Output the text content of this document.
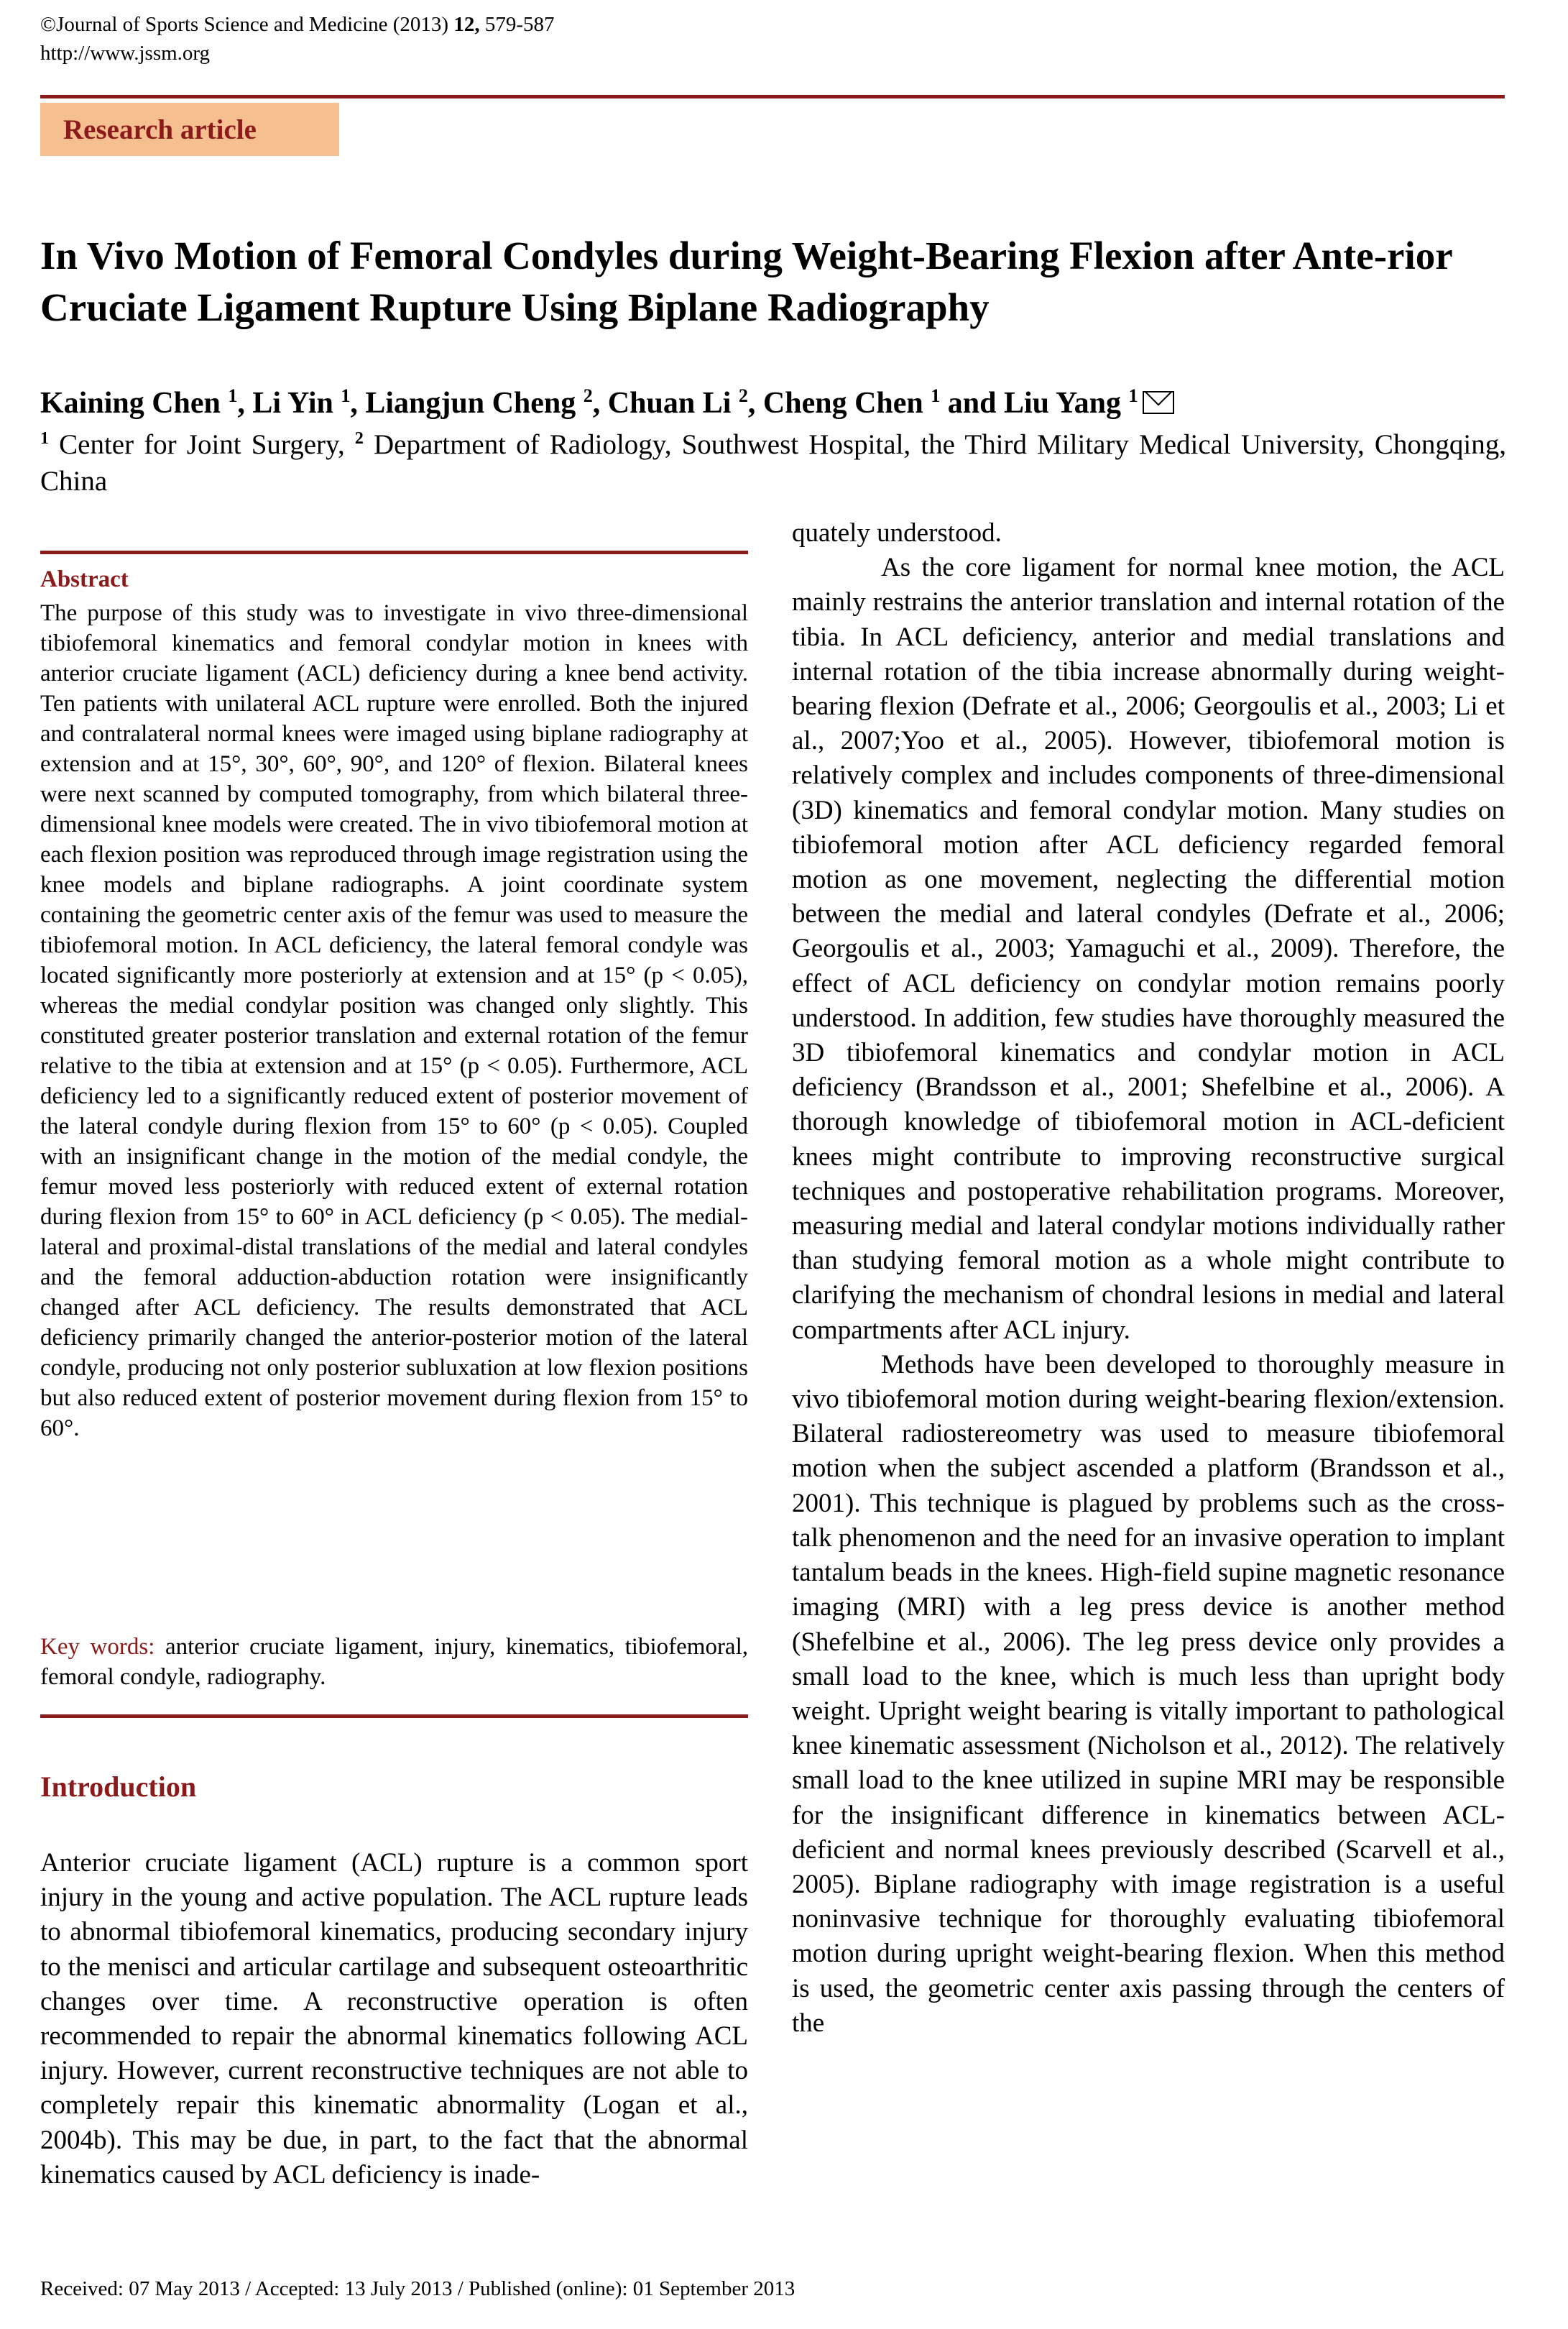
©Journal of Sports Science and Medicine (2013) 12, 579-587
http://www.jssm.org
Research article
In Vivo Motion of Femoral Condyles during Weight-Bearing Flexion after Ante-rior Cruciate Ligament Rupture Using Biplane Radiography
Kaining Chen $^1$, Li Yin $^1$, Liangjun Cheng $^2$, Chuan Li $^2$, Cheng Chen $^1$ and Liu Yang $^1$
$^1$ Center for Joint Surgery, $^2$ Department of Radiology, Southwest Hospital, the Third Military Medical University, Chongqing, China
Abstract
The purpose of this study was to investigate in vivo three-dimensional tibiofemoral kinematics and femoral condylar motion in knees with anterior cruciate ligament (ACL) deficiency during a knee bend activity. Ten patients with unilateral ACL rupture were enrolled. Both the injured and contralateral normal knees were imaged using biplane radiography at extension and at 15°, 30°, 60°, 90°, and 120° of flexion. Bilateral knees were next scanned by computed tomography, from which bilateral three-dimensional knee models were created. The in vivo tibiofemoral motion at each flexion position was reproduced through image registration using the knee models and biplane radiographs. A joint coordinate system containing the geometric center axis of the femur was used to measure the tibiofemoral motion. In ACL deficiency, the lateral femoral condyle was located significantly more posteriorly at extension and at 15° (p < 0.05), whereas the medial condylar position was changed only slightly. This constituted greater posterior translation and external rotation of the femur relative to the tibia at extension and at 15° (p < 0.05). Furthermore, ACL deficiency led to a significantly reduced extent of posterior movement of the lateral condyle during flexion from 15° to 60° (p < 0.05). Coupled with an insignificant change in the motion of the medial condyle, the femur moved less posteriorly with reduced extent of external rotation during flexion from 15° to 60° in ACL deficiency (p < 0.05). The medial-lateral and proximal-distal translations of the medial and lateral condyles and the femoral adduction-abduction rotation were insignificantly changed after ACL deficiency. The results demonstrated that ACL deficiency primarily changed the anterior-posterior motion of the lateral condyle, producing not only posterior subluxation at low flexion positions but also reduced extent of posterior movement during flexion from 15° to 60°.
Key words: anterior cruciate ligament, injury, kinematics, tibiofemoral, femoral condyle, radiography.
Introduction
Anterior cruciate ligament (ACL) rupture is a common sport injury in the young and active population. The ACL rupture leads to abnormal tibiofemoral kinematics, producing secondary injury to the menisci and articular cartilage and subsequent osteoarthritic changes over time. A reconstructive operation is often recommended to repair the abnormal kinematics following ACL injury. However, current reconstructive techniques are not able to completely repair this kinematic abnormality (Logan et al., 2004b). This may be due, in part, to the fact that the abnormal kinematics caused by ACL deficiency is inade-

quately understood.

As the core ligament for normal knee motion, the ACL mainly restrains the anterior translation and internal rotation of the tibia. In ACL deficiency, anterior and medial translations and internal rotation of the tibia increase abnormally during weight-bearing flexion (Defrate et al., 2006; Georgoulis et al., 2003; Li et al., 2007;Yoo et al., 2005). However, tibiofemoral motion is relatively complex and includes components of three-dimensional (3D) kinematics and femoral condylar motion. Many studies on tibiofemoral motion after ACL deficiency regarded femoral motion as one movement, neglecting the differential motion between the medial and lateral condyles (Defrate et al., 2006; Georgoulis et al., 2003; Yamaguchi et al., 2009). Therefore, the effect of ACL deficiency on condylar motion remains poorly understood. In addition, few studies have thoroughly measured the 3D tibiofemoral kinematics and condylar motion in ACL deficiency (Brandsson et al., 2001; Shefelbine et al., 2006). A thorough knowledge of tibiofemoral motion in ACL-deficient knees might contribute to improving reconstructive surgical techniques and postoperative rehabilitation programs. Moreover, measuring medial and lateral condylar motions individually rather than studying femoral motion as a whole might contribute to clarifying the mechanism of chondral lesions in medial and lateral compartments after ACL injury.

Methods have been developed to thoroughly measure in vivo tibiofemoral motion during weight-bearing flexion/extension. Bilateral radiostereometry was used to measure tibiofemoral motion when the subject ascended a platform (Brandsson et al., 2001). This technique is plagued by problems such as the cross-talk phenomenon and the need for an invasive operation to implant tantalum beads in the knees. High-field supine magnetic resonance imaging (MRI) with a leg press device is another method (Shefelbine et al., 2006). The leg press device only provides a small load to the knee, which is much less than upright body weight. Upright weight bearing is vitally important to pathological knee kinematic assessment (Nicholson et al., 2012). The relatively small load to the knee utilized in supine MRI may be responsible for the insignificant difference in kinematics between ACL-deficient and normal knees previously described (Scarvell et al., 2005). Biplane radiography with image registration is a useful noninvasive technique for thoroughly evaluating tibiofemoral motion during upright weight-bearing flexion. When this method is used, the geometric center axis passing through the centers of the

Received: 07 May 2013 / Accepted: 13 July 2013 / Published (online): 01 September 2013
